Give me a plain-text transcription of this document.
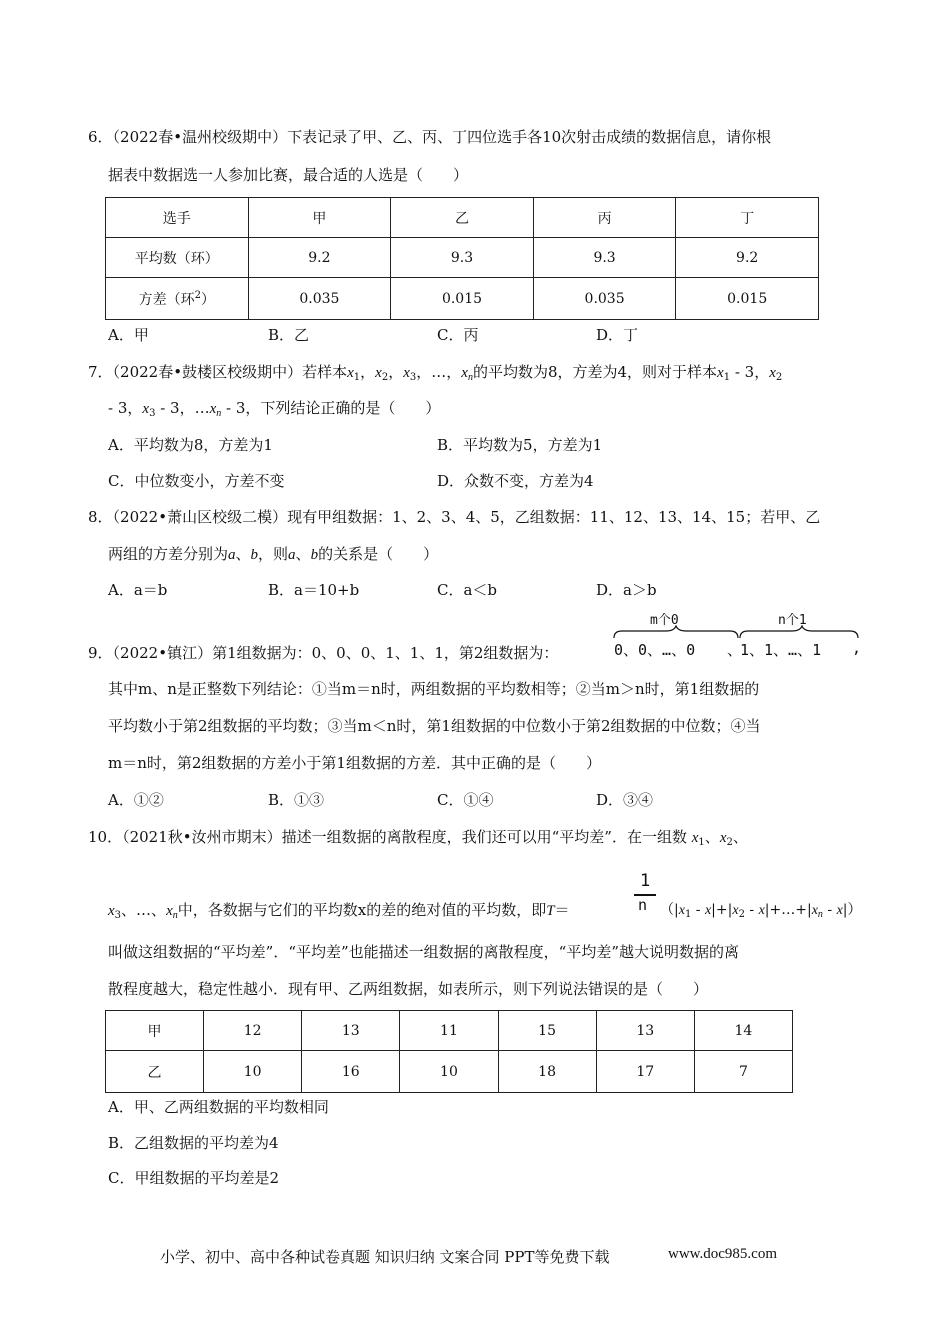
6．（2022春•温州校级期中）下表记录了甲、乙、丙、丁四位选手各10次射击成绩的数据信息，请你根
据表中数据选一人参加比赛，最合适的人选是（　　）
选手	甲	乙	丙	丁
平均数（环）	9.2	9.3	9.3	9.2
方差（环$^2$）	0.035	0.015	0.035	0.015
A．甲	B．乙	C．丙	D．丁
7．（2022春•鼓楼区校级期中）若样本$x_1$，$x_2$，$x_3$，…，$x_n$的平均数为8，方差为4，则对于样本$x_1 - 3$，$x_2$
- 3，$x_3 - 3$，$\dots x_n - 3$，下列结论正确的是（　　）
A．平均数为8，方差为1	B．平均数为5，方差为1
C．中位数变小，方差不变	D．众数不变，方差为4
8．（2022•萧山区校级二模）现有甲组数据：1、2、3、4、5，乙组数据：11、12、13、14、15；若甲、乙
两组的方差分别为a、b，则a、b的关系是（　　）
A．a＝b	B．a＝10+b	C．a＜b	D．a＞b
m个0	n个1
9．（2022•镇江）第1组数据为：0、0、0、1、1、1，第2组数据为：	0、0、…、0 、
1、1、…、1 ,
其中m、n是正整数下列结论：①当m＝n时，两组数据的平均数相等；②当m＞n时，第1组数据的
平均数小于第2组数据的平均数；③当m＜n时，第1组数据的中位数小于第2组数据的中位数；④当
m＝n时，第2组数据的方差小于第1组数据的方差．其中正确的是（　　）
A．①②	B．①③	C．①④	D．③④
10．（2021秋•汝州市期末）描述一组数据的离散程度，我们还可以用“平均差”．在一组数 $x_1$、$x_2$、
1
n
$x_3$、…、$x_n$中，各数据与它们的平均数x的差的绝对值的平均数，即T＝	（$|x_1 - x|+|x_2$ - $x|+\dots+|x_n - x|$）
叫做这组数据的“平均差”．“平均差”也能描述一组数据的离散程度，“平均差”越大说明数据的离
散程度越大，稳定性越小．现有甲、乙两组数据，如表所示，则下列说法错误的是（　　）
甲	12	13	11	15	13	14
乙	10	16	10	18	17	7
A．甲、乙两组数据的平均数相同
B．乙组数据的平均差为4
C．甲组数据的平均差是2
小学、初中、高中各种试卷真题 知识归纳 文案合同 PPT等免费下载	www.doc985.com
